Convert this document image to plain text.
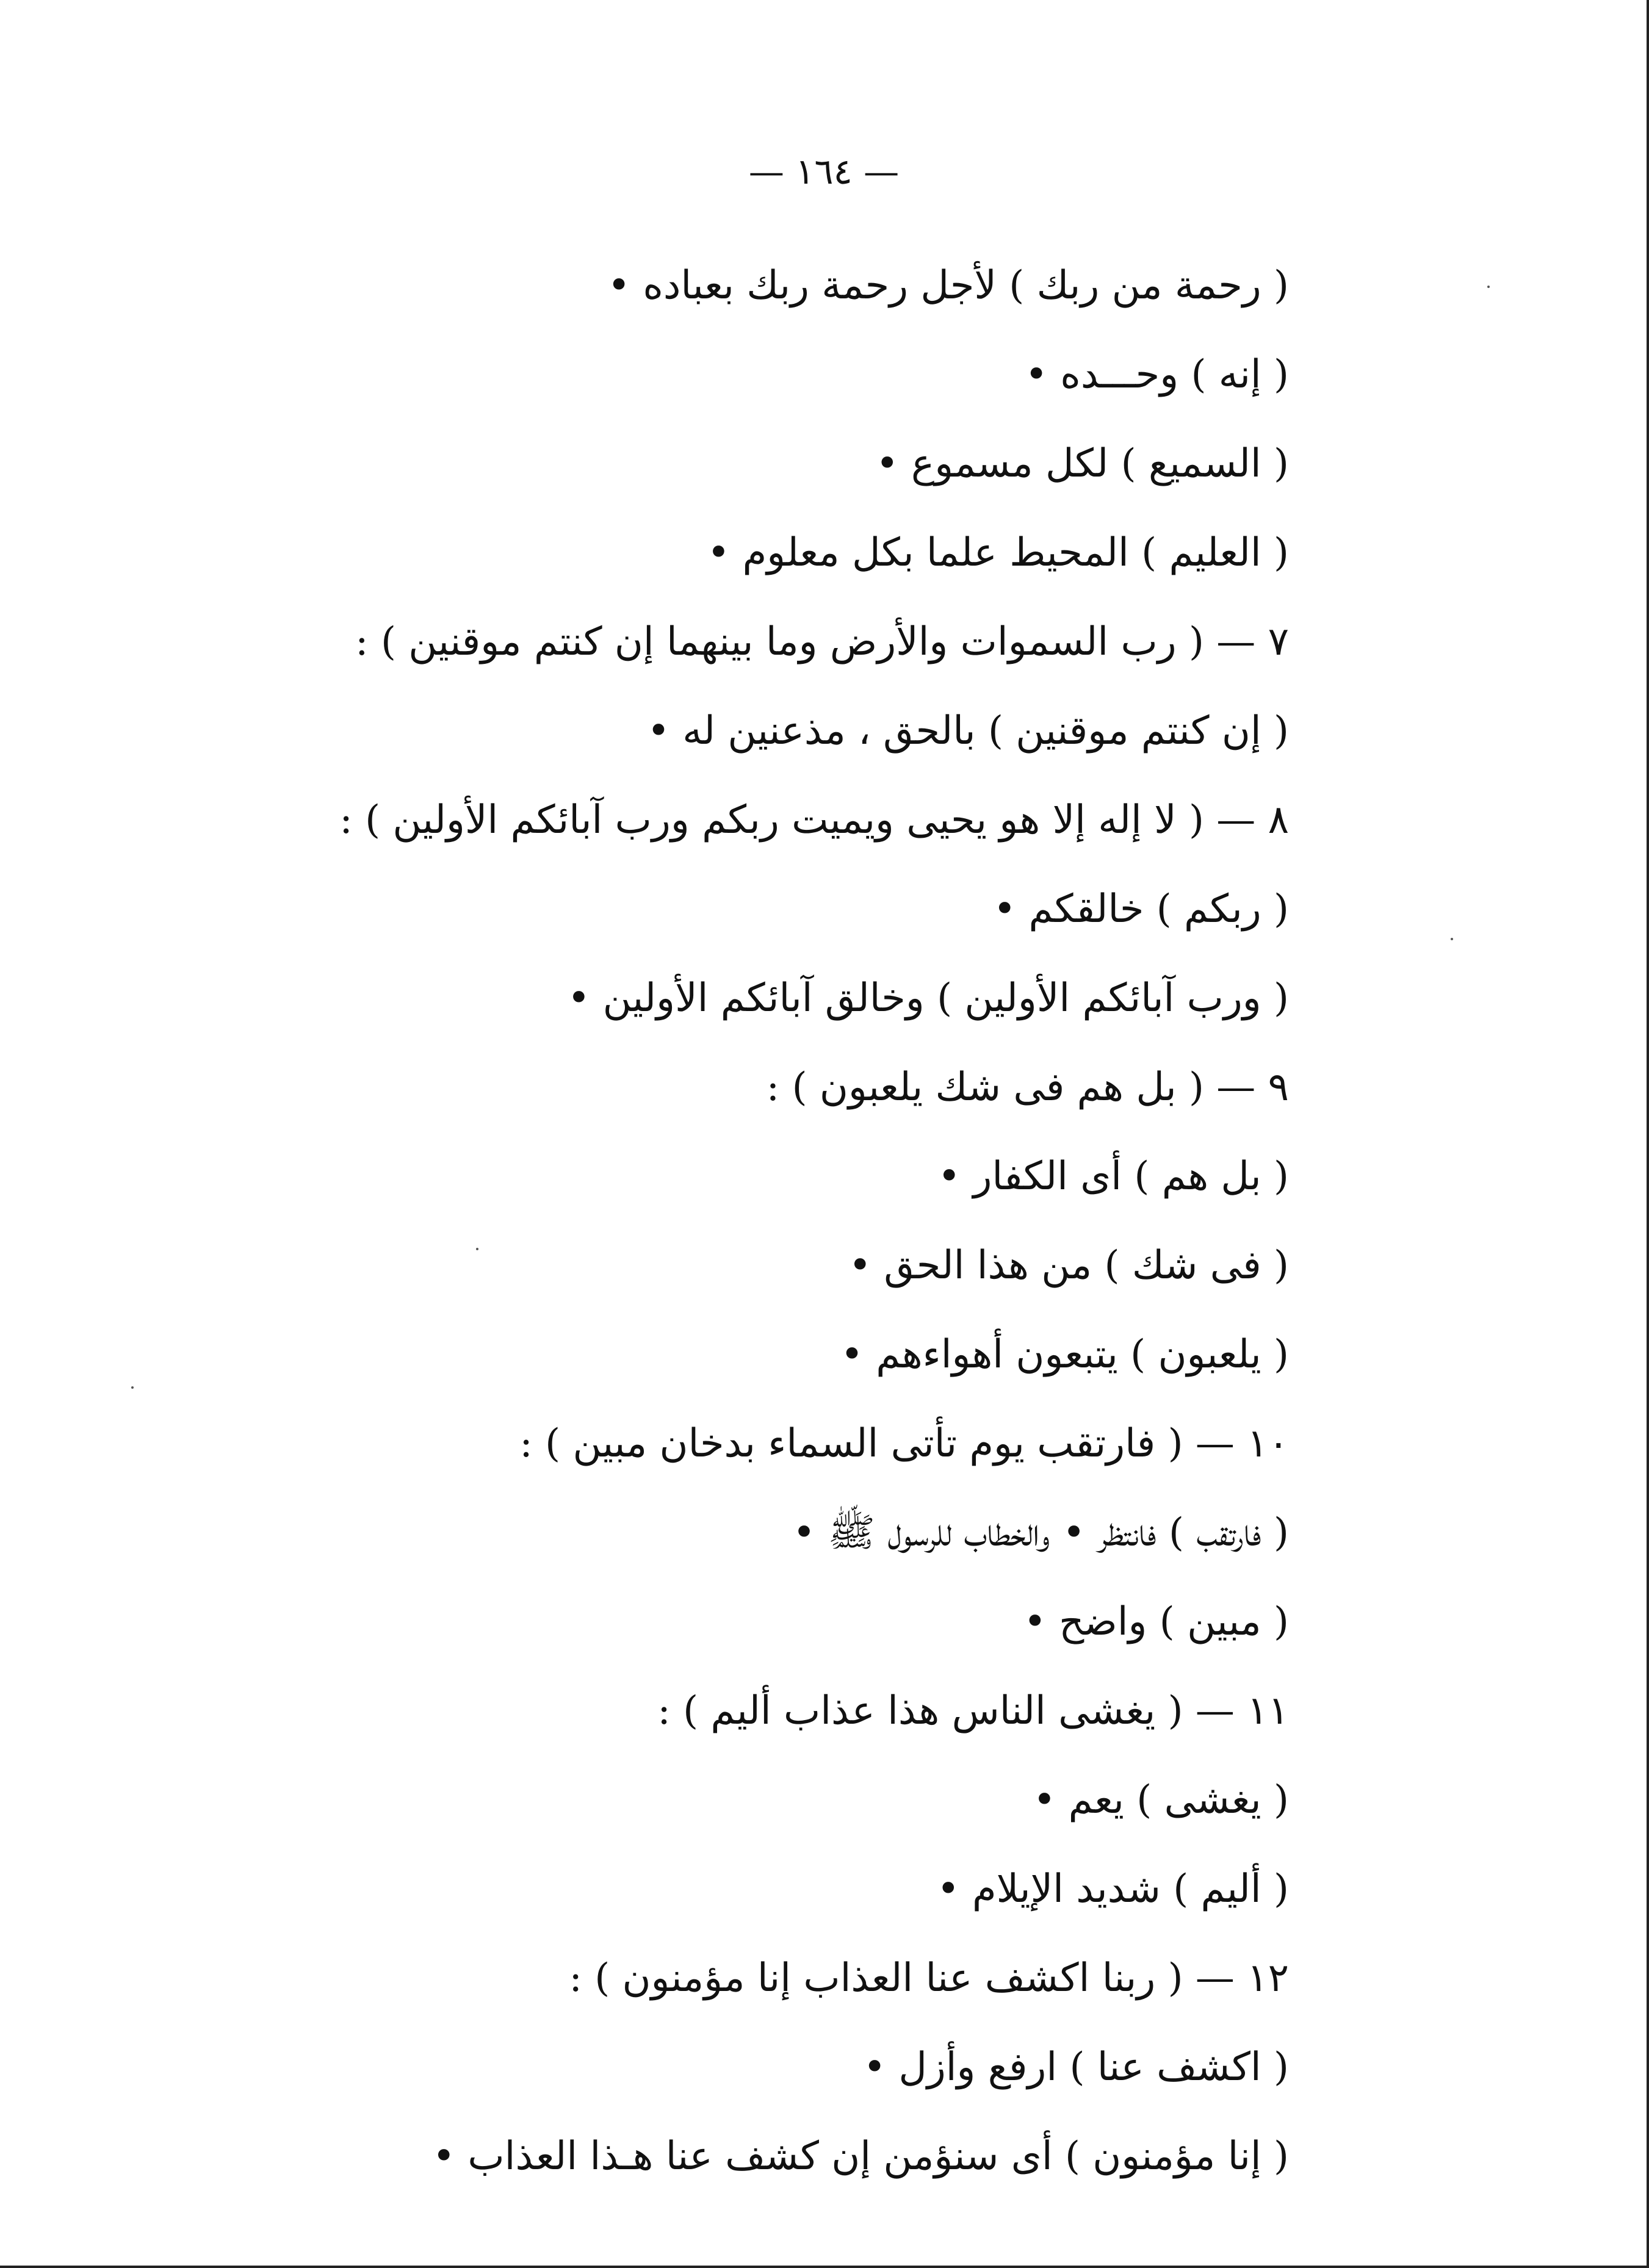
— ١٦٤ —
( رحمة من ربك ) لأجل رحمة ربك بعباده •
( إنه ) وحـــده •
( السميع ) لكل مسموع •
( العليم ) المحيط علما بكل معلوم •
٧ — ( رب السموات والأرض وما بينهما إن كنتم موقنين ) :
( إن كنتم موقنين ) بالحق ، مذعنين له •
٨ — ( لا إله إلا هو يحيى ويميت ربكم ورب آبائكم الأولين ) :
( ربكم ) خالقكم •
( ورب آبائكم الأولين ) وخالق آبائكم الأولين •
٩ — ( بل هم فى شك يلعبون ) :
( بل هم ) أى الكفار •
( فى شك ) من هذا الحق •
( يلعبون ) يتبعون أهواءهم •
١٠ — ( فارتقب يوم تأتى السماء بدخان مبين ) :
( فارتقب ) فانتظر • والخطاب للرسول ﷺ •
( مبين ) واضح •
١١ — ( يغشى الناس هذا عذاب أليم ) :
( يغشى ) يعم •
( أليم ) شديد الإيلام •
١٢ — ( ربنا اكشف عنا العذاب إنا مؤمنون ) :
( اكشف عنا ) ارفع وأزل •
( إنا مؤمنون ) أى سنؤمن إن كشف عنا هـذا العذاب •
